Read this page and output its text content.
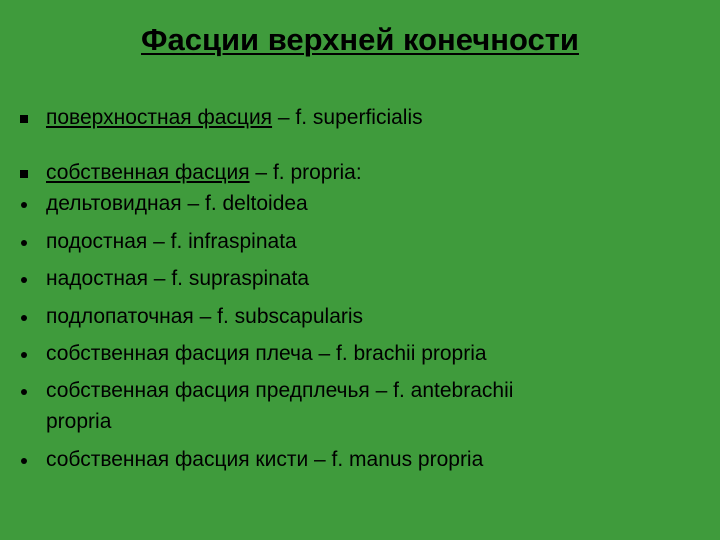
Фасции верхней конечности
поверхностная фасция – f. superficialis
собственная фасция – f. propria:
дельтовидная – f. deltoidea
подостная – f. infraspinata
надостная – f. supraspinata
подлопаточная – f. subscapularis
собственная фасция плеча – f. brachii propria
собственная фасция предплечья – f. antebrachii
propria
собственная фасция кисти – f. manus propria
